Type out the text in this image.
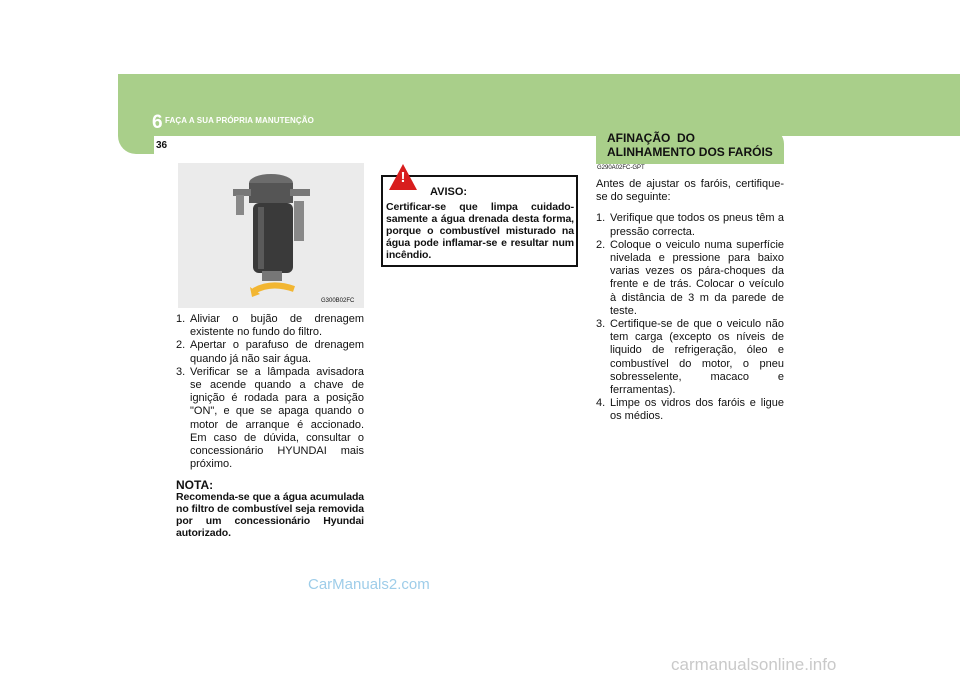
6 FAÇA A SUA PRÓPRIA MANUTENÇÃO
36
G300B02FC
1. Aliviar o bujão de drenagem existente no fundo do filtro.
2. Apertar o parafuso de drenagem quando já não sair água.
3. Verificar se a lâmpada avisadora se acende quando a chave de ignição é rodada para a posição "ON", e que se apaga quando o motor de arranque é accionado. Em caso de dúvida, consultar o concessionário HYUNDAI mais próximo.
NOTA:
Recomenda-se que a água acumulada no filtro de combustível seja removida por um concessionário Hyundai autorizado.
!
AVISO:
Certificar-se que limpa cuidado-samente a água drenada desta forma, porque o combustível misturado na água pode inflamar-se e resultar num incêndio.
AFINAÇÃO  DO
ALINHAMENTO DOS FARÓIS
G290A02FC-GPT
Antes de ajustar os faróis, certifique-se do seguinte:
1. Verifique que todos os pneus têm a pressão correcta.
2. Coloque o veiculo numa superfície nivelada e pressione para baixo varias vezes os pára-choques da frente e de trás. Colocar o veículo à distância de 3 m da parede de teste.
3. Certifique-se de que o veiculo não tem carga (excepto os níveis de liquido de refrigeração, óleo e combustível do motor, o pneu sobresselente, macaco e ferramentas).
4. Limpe os vidros dos faróis e ligue os médios.
CarManuals2.com
carmanualsonline.info
